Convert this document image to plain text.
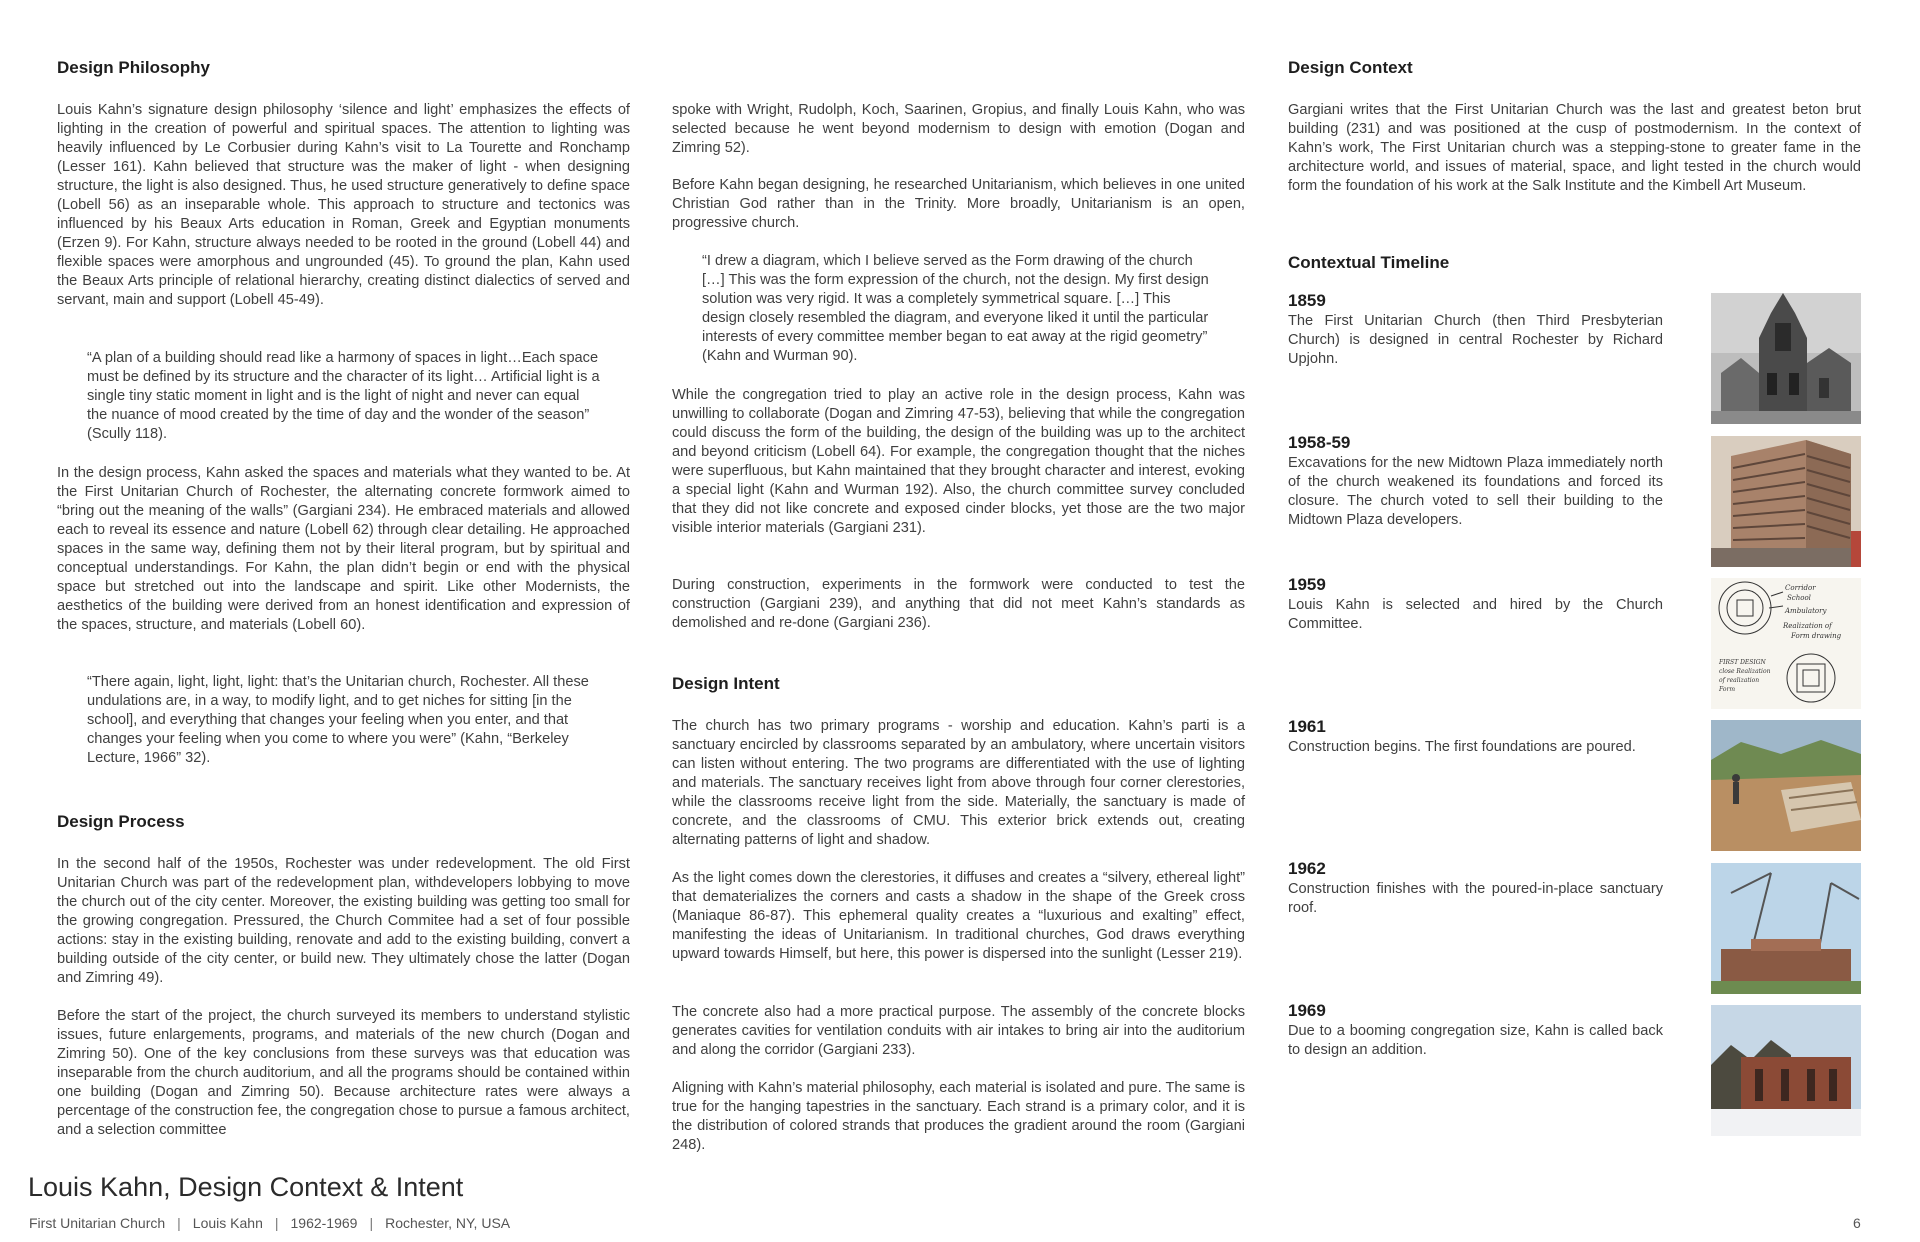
Design Philosophy

Louis Kahn’s signature design philosophy ‘silence and light’ emphasizes the effects of lighting in the creation of powerful and spiritual spaces. The attention to lighting was heavily influenced by Le Corbusier during Kahn’s visit to La Tourette and Ronchamp (Lesser 161). Kahn believed that structure was the maker of light - when designing structure, the light is also designed. Thus, he used structure generatively to define space (Lobell 56) as an inseparable whole. This approach to structure and tectonics was influenced by his Beaux Arts education in Roman, Greek and Egyptian monuments (Erzen 9). For Kahn, structure always needed to be rooted in the ground (Lobell 44) and flexible spaces were amorphous and ungrounded (45). To ground the plan, Kahn used the Beaux Arts principle of relational hierarchy, creating distinct dialectics of served and servant, main and support (Lobell 45-49).

“A plan of a building should read like a harmony of spaces in light…Each space must be defined by its structure and the character of its light… Artificial light is a single tiny static moment in light and is the light of night and never can equal the nuance of mood created by the time of day and the wonder of the season” (Scully 118).

In the design process, Kahn asked the spaces and materials what they wanted to be. At the First Unitarian Church of Rochester, the alternating concrete formwork aimed to “bring out the meaning of the walls” (Gargiani 234). He embraced materials and allowed each to reveal its essence and nature (Lobell 62) through clear detailing. He approached spaces in the same way, defining them not by their literal program, but by spiritual and conceptual understandings. For Kahn, the plan didn’t begin or end with the physical space but stretched out into the landscape and spirit. Like other Modernists, the aesthetics of the building were derived from an honest identification and expression of the spaces, structure, and materials (Lobell 60).

“There again, light, light, light: that’s the Unitarian church, Rochester. All these undulations are, in a way, to modify light, and to get niches for sitting [in the school], and everything that changes your feeling when you enter, and that changes your feeling when you come to where you were” (Kahn, “Berkeley Lecture, 1966” 32).

Design Process

In the second half of the 1950s, Rochester was under redevelopment. The old First Unitarian Church was part of the redevelopment plan, withdevelopers lobbying to move the church out of the city center. Moreover, the existing building was getting too small for the growing congregation. Pressured, the Church Commitee had a set of four possible actions: stay in the existing building, renovate and add to the existing building, convert a building outside of the city center, or build new. They ultimately chose the latter (Dogan and Zimring 49).

Before the start of the project, the church surveyed its members to understand stylistic issues, future enlargements, programs, and materials of the new church (Dogan and Zimring 50). One of the key conclusions from these surveys was that education was inseparable from the church auditorium, and all the programs should be contained within one building (Dogan and Zimring 50). Because architecture rates were always a percentage of the construction fee, the congregation chose to pursue a famous architect, and a selection committee

spoke with Wright, Rudolph, Koch, Saarinen, Gropius, and finally Louis Kahn, who was selected because he went beyond modernism to design with emotion (Dogan and Zimring 52).

Before Kahn began designing, he researched Unitarianism, which believes in one united Christian God rather than in the Trinity. More broadly, Unitarianism is an open, progressive church.

“I drew a diagram, which I believe served as the Form drawing of the church […] This was the form expression of the church, not the design. My first design solution was very rigid. It was a completely symmetrical square. […] This design closely resembled the diagram, and everyone liked it until the particular interests of every committee member began to eat away at the rigid geometry” (Kahn and Wurman 90).

While the congregation tried to play an active role in the design process, Kahn was unwilling to collaborate (Dogan and Zimring 47-53), believing that while the congregation could discuss the form of the building, the design of the building was up to the architect and beyond criticism (Lobell 64). For example, the congregation thought that the niches were superfluous, but Kahn maintained that they brought character and interest, evoking a special light (Kahn and Wurman 192). Also, the church committee survey concluded that they did not like concrete and exposed cinder blocks, yet those are the two major visible interior materials (Gargiani 231).

During construction, experiments in the formwork were conducted to test the construction (Gargiani 239), and anything that did not meet Kahn’s standards as demolished and re-done (Gargiani 236).

Design Intent

The church has two primary programs - worship and education. Kahn’s parti is a sanctuary encircled by classrooms separated by an ambulatory, where uncertain visitors can listen without entering. The two programs are differentiated with the use of lighting and materials. The sanctuary receives light from above through four corner clerestories, while the classrooms receive light from the side. Materially, the sanctuary is made of concrete, and the classrooms of CMU. This exterior brick extends out, creating alternating patterns of light and shadow.

As the light comes down the clerestories, it diffuses and creates a “silvery, ethereal light” that dematerializes the corners and casts a shadow in the shape of the Greek cross (Maniaque 86-87). This ephemeral quality creates a “luxurious and exalting” effect, manifesting the ideas of Unitarianism. In traditional churches, God draws everything upward towards Himself, but here, this power is dispersed into the sunlight (Lesser 219).

The concrete also had a more practical purpose. The assembly of the concrete blocks generates cavities for ventilation conduits with air intakes to bring air into the auditorium and along the corridor (Gargiani 233).

Aligning with Kahn’s material philosophy, each material is isolated and pure. The same is true for the hanging tapestries in the sanctuary. Each strand is a primary color, and it is the distribution of colored strands that produces the gradient around the room (Gargiani 248).

Design Context

Gargiani writes that the First Unitarian Church was the last and greatest beton brut building (231) and was positioned at the cusp of postmodernism. In the context of Kahn’s work, The First Unitarian church was a stepping-stone to greater fame in the architecture world, and issues of material, space, and light tested in the church would form the foundation of his work at the Salk Institute and the Kimbell Art Museum.

Contextual Timeline
1859

The First Unitarian Church (then Third Presbyterian Church) is designed in central Rochester by Richard Upjohn.

1958-59

Excavations for the new Midtown Plaza immediately north of the church weakened its foundations and forced its closure. The church voted to sell their building to the Midtown Plaza developers.

1959

Louis Kahn is selected and hired by the Church Committee.

Corridor
School
Ambulatory
Realization of
Form drawing
FIRST DESIGN
close Realization
of realization
Form
1961

Construction begins. The first foundations are poured.

1962

Construction finishes with the poured-in-place sanctuary roof.

1969

Due to a booming congregation size, Kahn is called back to design an addition.

Louis Kahn, Design Context & Intent
First Unitarian Church | Louis Kahn | 1962-1969 | Rochester, NY, USA	6
